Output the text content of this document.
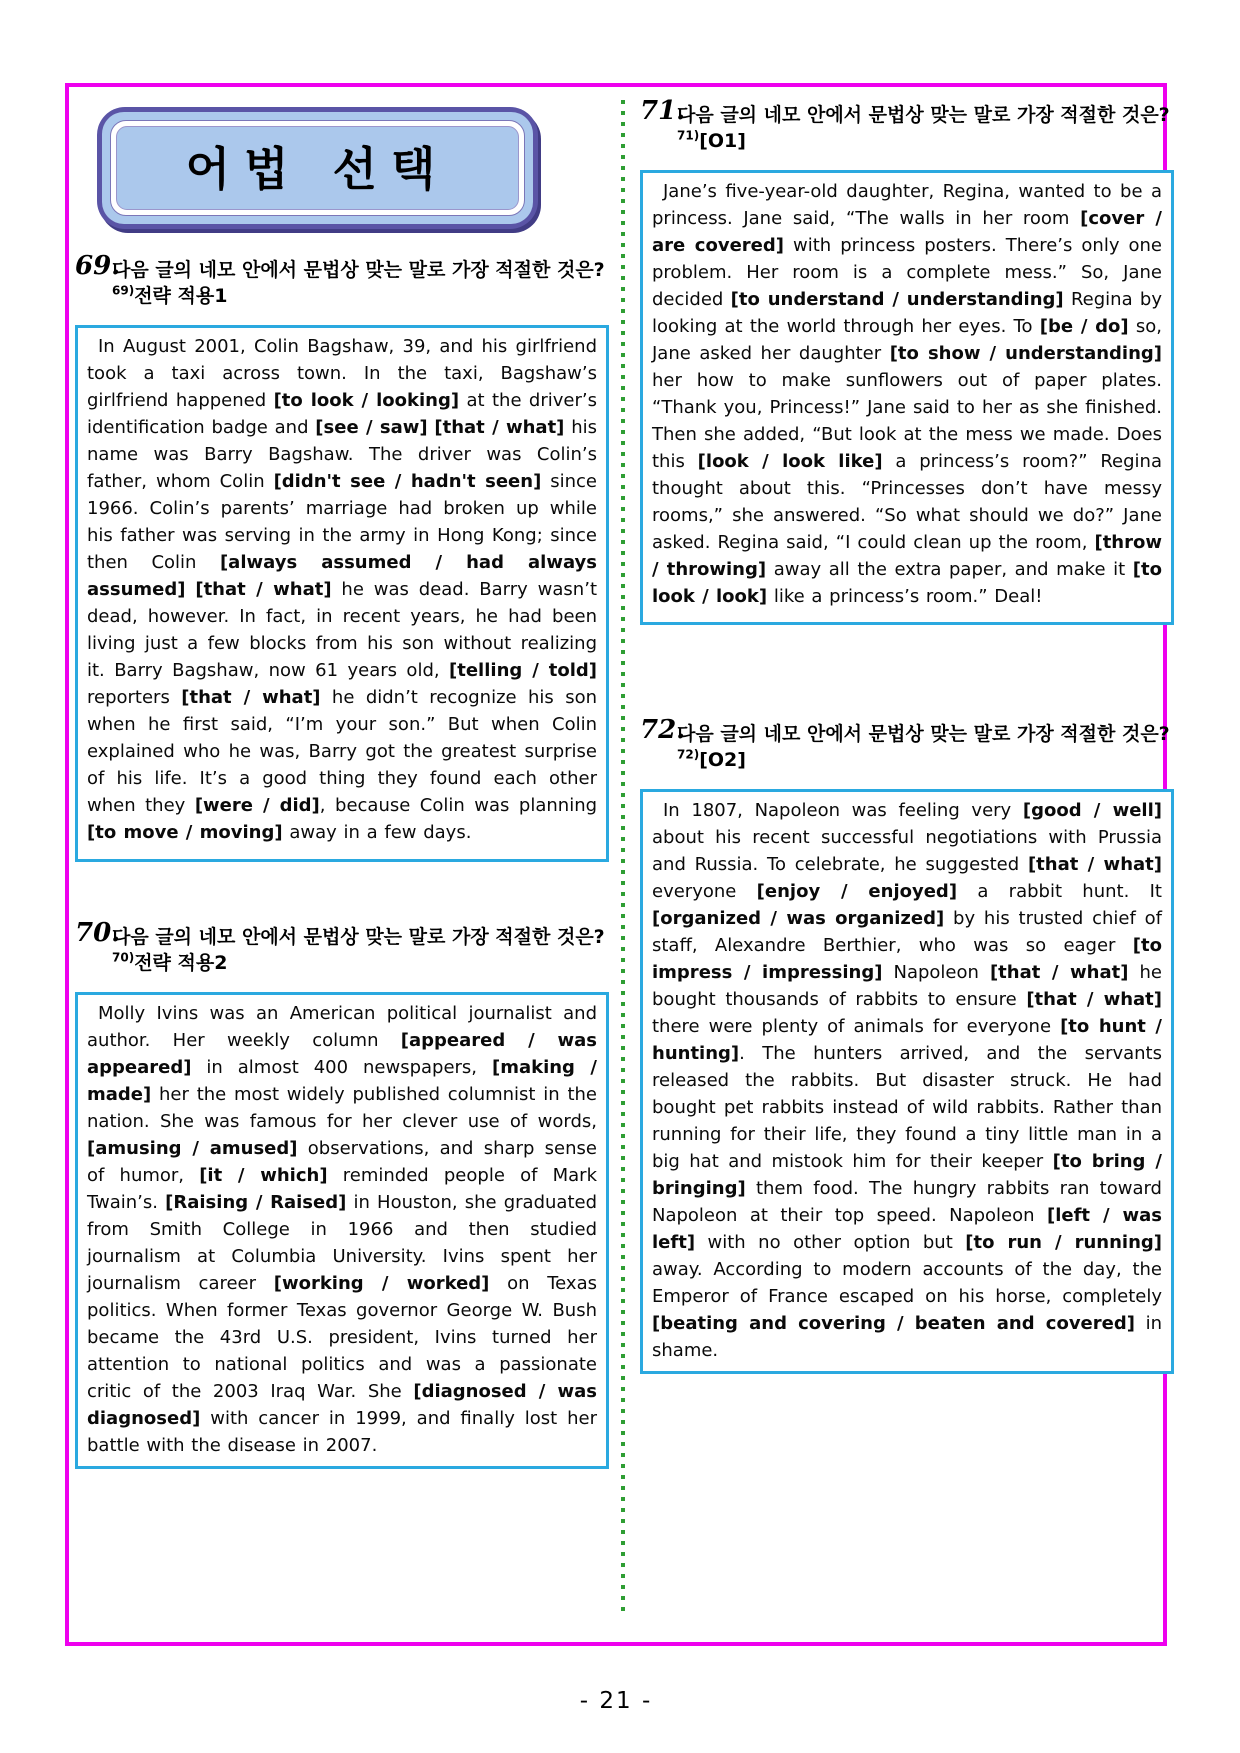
어법 선택
69.
다음 글의 네모 안에서 문법상 맞는 말로 가장 적절한 것은?$^{69)}$전략 적용1
In August 2001, Colin Bagshaw, 39, and his girlfriend took a taxi across town. In the taxi, Bagshaw’s girlfriend happened [to look / looking] at the driver’s identification badge and [see / saw] [that / what] his name was Barry Bagshaw. The driver was Colin’s father, whom Colin [didn't see / hadn't seen] since 1966. Colin’s parents’ marriage had broken up while his father was serving in the army in Hong Kong; since then Colin [always assumed / had always assumed] [that / what] he was dead. Barry wasn’t dead, however. In fact, in recent years, he had been living just a few blocks from his son without realizing it. Barry Bagshaw, now 61 years old, [telling / told] reporters [that / what] he didn’t recognize his son when he first said, “I’m your son.” But when Colin explained who he was, Barry got the greatest surprise of his life. It’s a good thing they found each other when they [were / did], because Colin was planning [to move / moving] away in a few days.
70.
다음 글의 네모 안에서 문법상 맞는 말로 가장 적절한 것은?$^{70)}$전략 적용2
Molly Ivins was an American political journalist and author. Her weekly column [appeared / was appeared] in almost 400 newspapers, [making / made] her the most widely published columnist in the nation. She was famous for her clever use of words, [amusing / amused] observations, and sharp sense of humor, [it / which] reminded people of Mark Twain’s. [Raising / Raised] in Houston, she graduated from Smith College in 1966 and then studied journalism at Columbia University. Ivins spent her journalism career [working / worked] on Texas politics. When former Texas governor George W. Bush became the 43rd U.S. president, Ivins turned her attention to national politics and was a passionate critic of the 2003 Iraq War. She [diagnosed / was diagnosed] with cancer in 1999, and finally lost her battle with the disease in 2007.
71.
다음 글의 네모 안에서 문법상 맞는 말로 가장 적절한 것은?$^{71)}$[O1]
Jane’s five-year-old daughter, Regina, wanted to be a princess. Jane said, “The walls in her room [cover / are covered] with princess posters. There’s only one problem. Her room is a complete mess.” So, Jane decided [to understand / understanding] Regina by looking at the world through her eyes. To [be / do] so, Jane asked her daughter [to show / understanding] her how to make sunflowers out of paper plates. “Thank you, Princess!” Jane said to her as she finished. Then she added, “But look at the mess we made. Does this [look / look like] a princess’s room?” Regina thought about this. “Princesses don’t have messy rooms,” she answered. “So what should we do?” Jane asked. Regina said, “I could clean up the room, [throw / throwing] away all the extra paper, and make it [to look / look] like a princess’s room.” Deal!
72.
다음 글의 네모 안에서 문법상 맞는 말로 가장 적절한 것은?$^{72)}$[O2]
In 1807, Napoleon was feeling very [good / well] about his recent successful negotiations with Prussia and Russia. To celebrate, he suggested [that / what] everyone [enjoy / enjoyed] a rabbit hunt. It [organized / was organized] by his trusted chief of staff, Alexandre Berthier, who was so eager [to impress / impressing] Napoleon [that / what] he bought thousands of rabbits to ensure [that / what] there were plenty of animals for everyone [to hunt / hunting]. The hunters arrived, and the servants released the rabbits. But disaster struck. He had bought pet rabbits instead of wild rabbits. Rather than running for their life, they found a tiny little man in a big hat and mistook him for their keeper [to bring / bringing] them food. The hungry rabbits ran toward Napoleon at their top speed. Napoleon [left / was left] with no other option but [to run / running] away. According to modern accounts of the day, the Emperor of France escaped on his horse, completely [beating and covering / beaten and covered] in shame.
- 21 -
